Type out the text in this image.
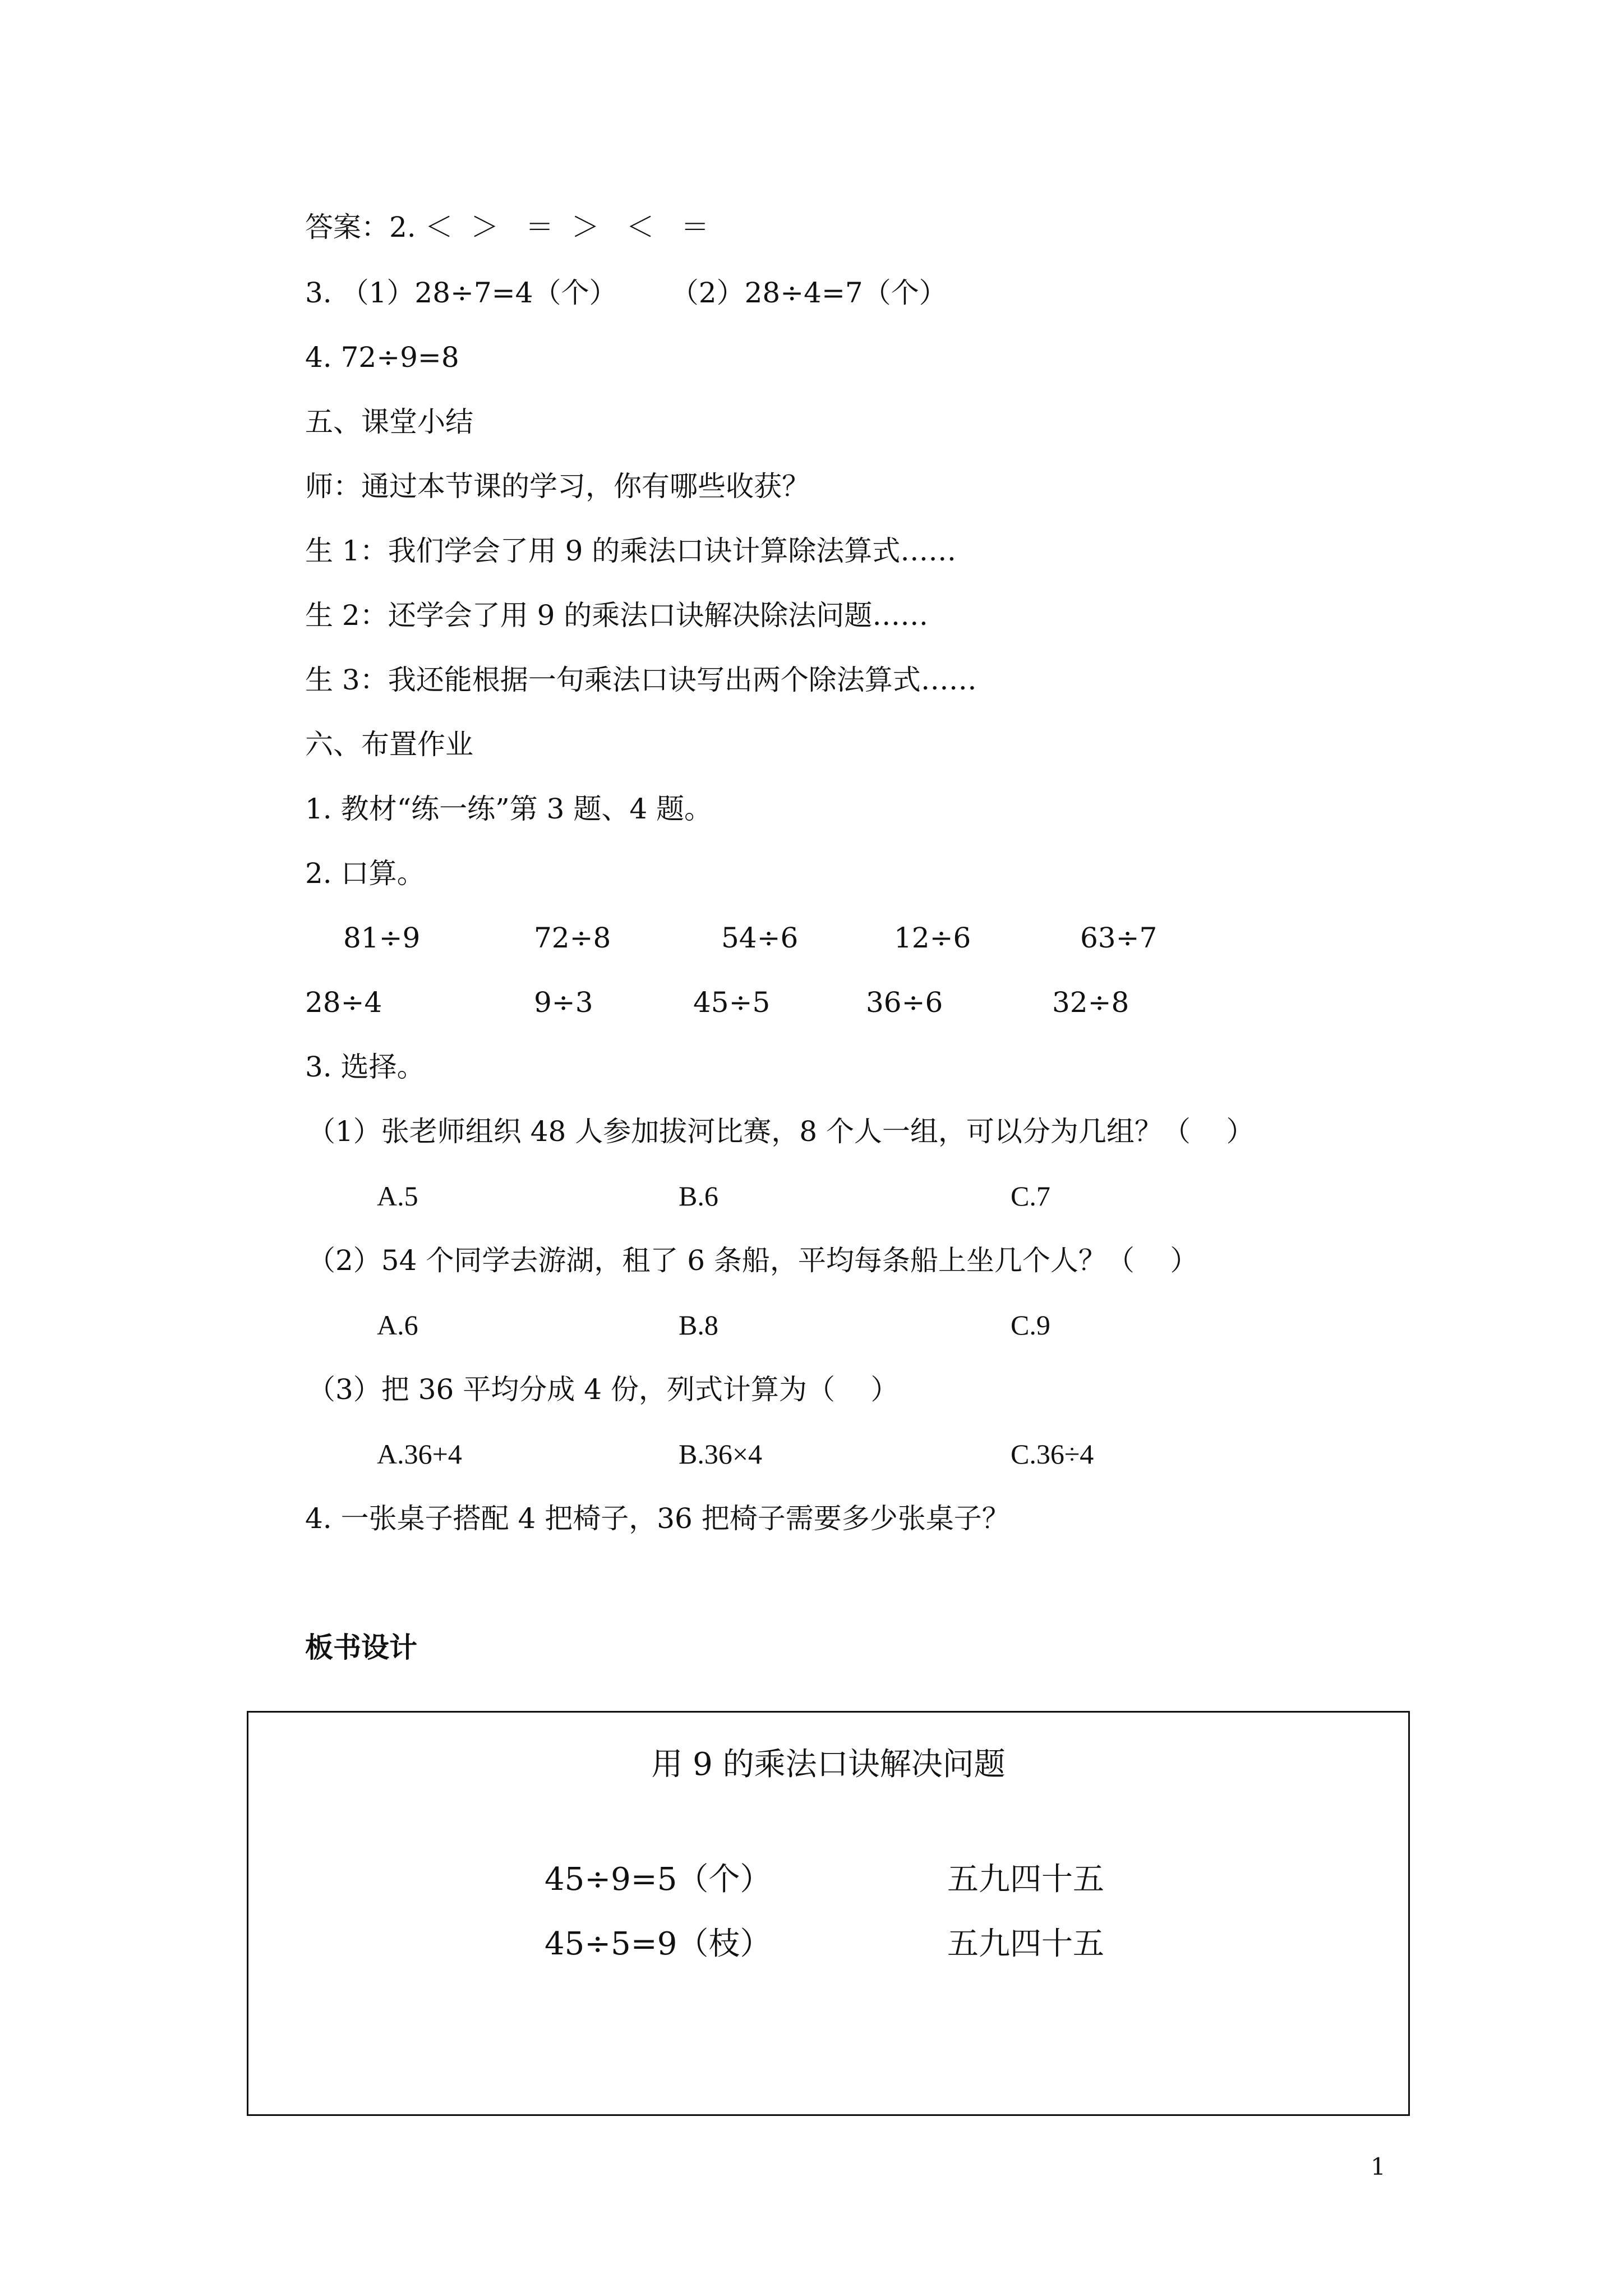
答案：2. ＜  ＞   ＝  ＞   ＜   ＝
3. （1）28÷7=4（个）      （2）28÷4=7（个）
4. 72÷9=8
五、课堂小结
师：通过本节课的学习，你有哪些收获？
生 1：我们学会了用 9 的乘法口诀计算除法算式……
生 2：还学会了用 9 的乘法口诀解决除法问题……
生 3：我还能根据一句乘法口诀写出两个除法算式……
六、布置作业
1. 教材“练一练”第 3 题、4 题。
2. 口算。
81÷9	72÷8	54÷6	12÷6	63÷7
28÷4	9÷3	45÷5	36÷6	32÷8
3. 选择。
（1）张老师组织 48 人参加拔河比赛，8 个人一组，可以分为几组？（    ）
A.5	B.6	C.7
（2）54 个同学去游湖，租了 6 条船，平均每条船上坐几个人？（    ）
A.6	B.8	C.9
（3）把 36 平均分成 4 份，列式计算为（    ）
A.36+4	B.36×4	C.36÷4
4. 一张桌子搭配 4 把椅子，36 把椅子需要多少张桌子？
板书设计
用 9 的乘法口诀解决问题
45÷9=5（个）	五九四十五
45÷5=9（枝）	五九四十五
1
